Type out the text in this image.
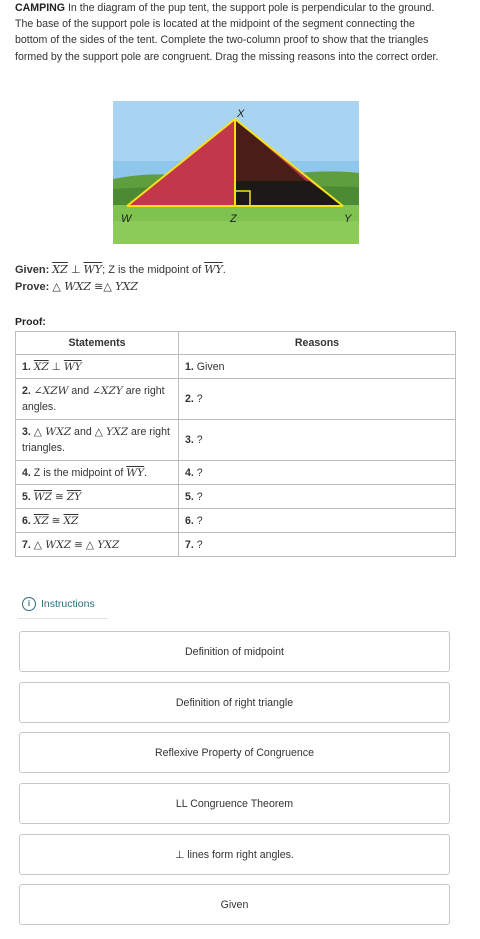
CAMPING In the diagram of the pup tent, the support pole is perpendicular to the ground. The base of the support pole is located at the midpoint of the segment connecting the bottom of the sides of the tent. Complete the two-column proof to show that the triangles formed by the support pole are congruent. Drag the missing reasons into the correct order.
X
W	Z	Y
Given: $\overline{XZ}$ ⊥ $\overline{WY}$; Z is the midpoint of $\overline{WY}$.
Prove: △ WXZ ≅△ YXZ
Proof:
Statements	Reasons
1. $\overline{XZ}$ ⊥ $\overline{WY}$	1. Given
2. ∠XZW and ∠XZY are right angles.	2. ?
3. △ WXZ and △ YXZ are right triangles.	3. ?
4. Z is the midpoint of $\overline{WY}$.	4. ?
5. $\overline{WZ}$ ≅ $\overline{ZY}$	5. ?
6. $\overline{XZ}$ ≅ $\overline{XZ}$	6. ?
7. △ WXZ ≅ △ YXZ	7. ?
i	Instructions
Definition of midpoint
Definition of right triangle
Reflexive Property of Congruence
LL Congruence Theorem
⊥ lines form right angles.
Given
